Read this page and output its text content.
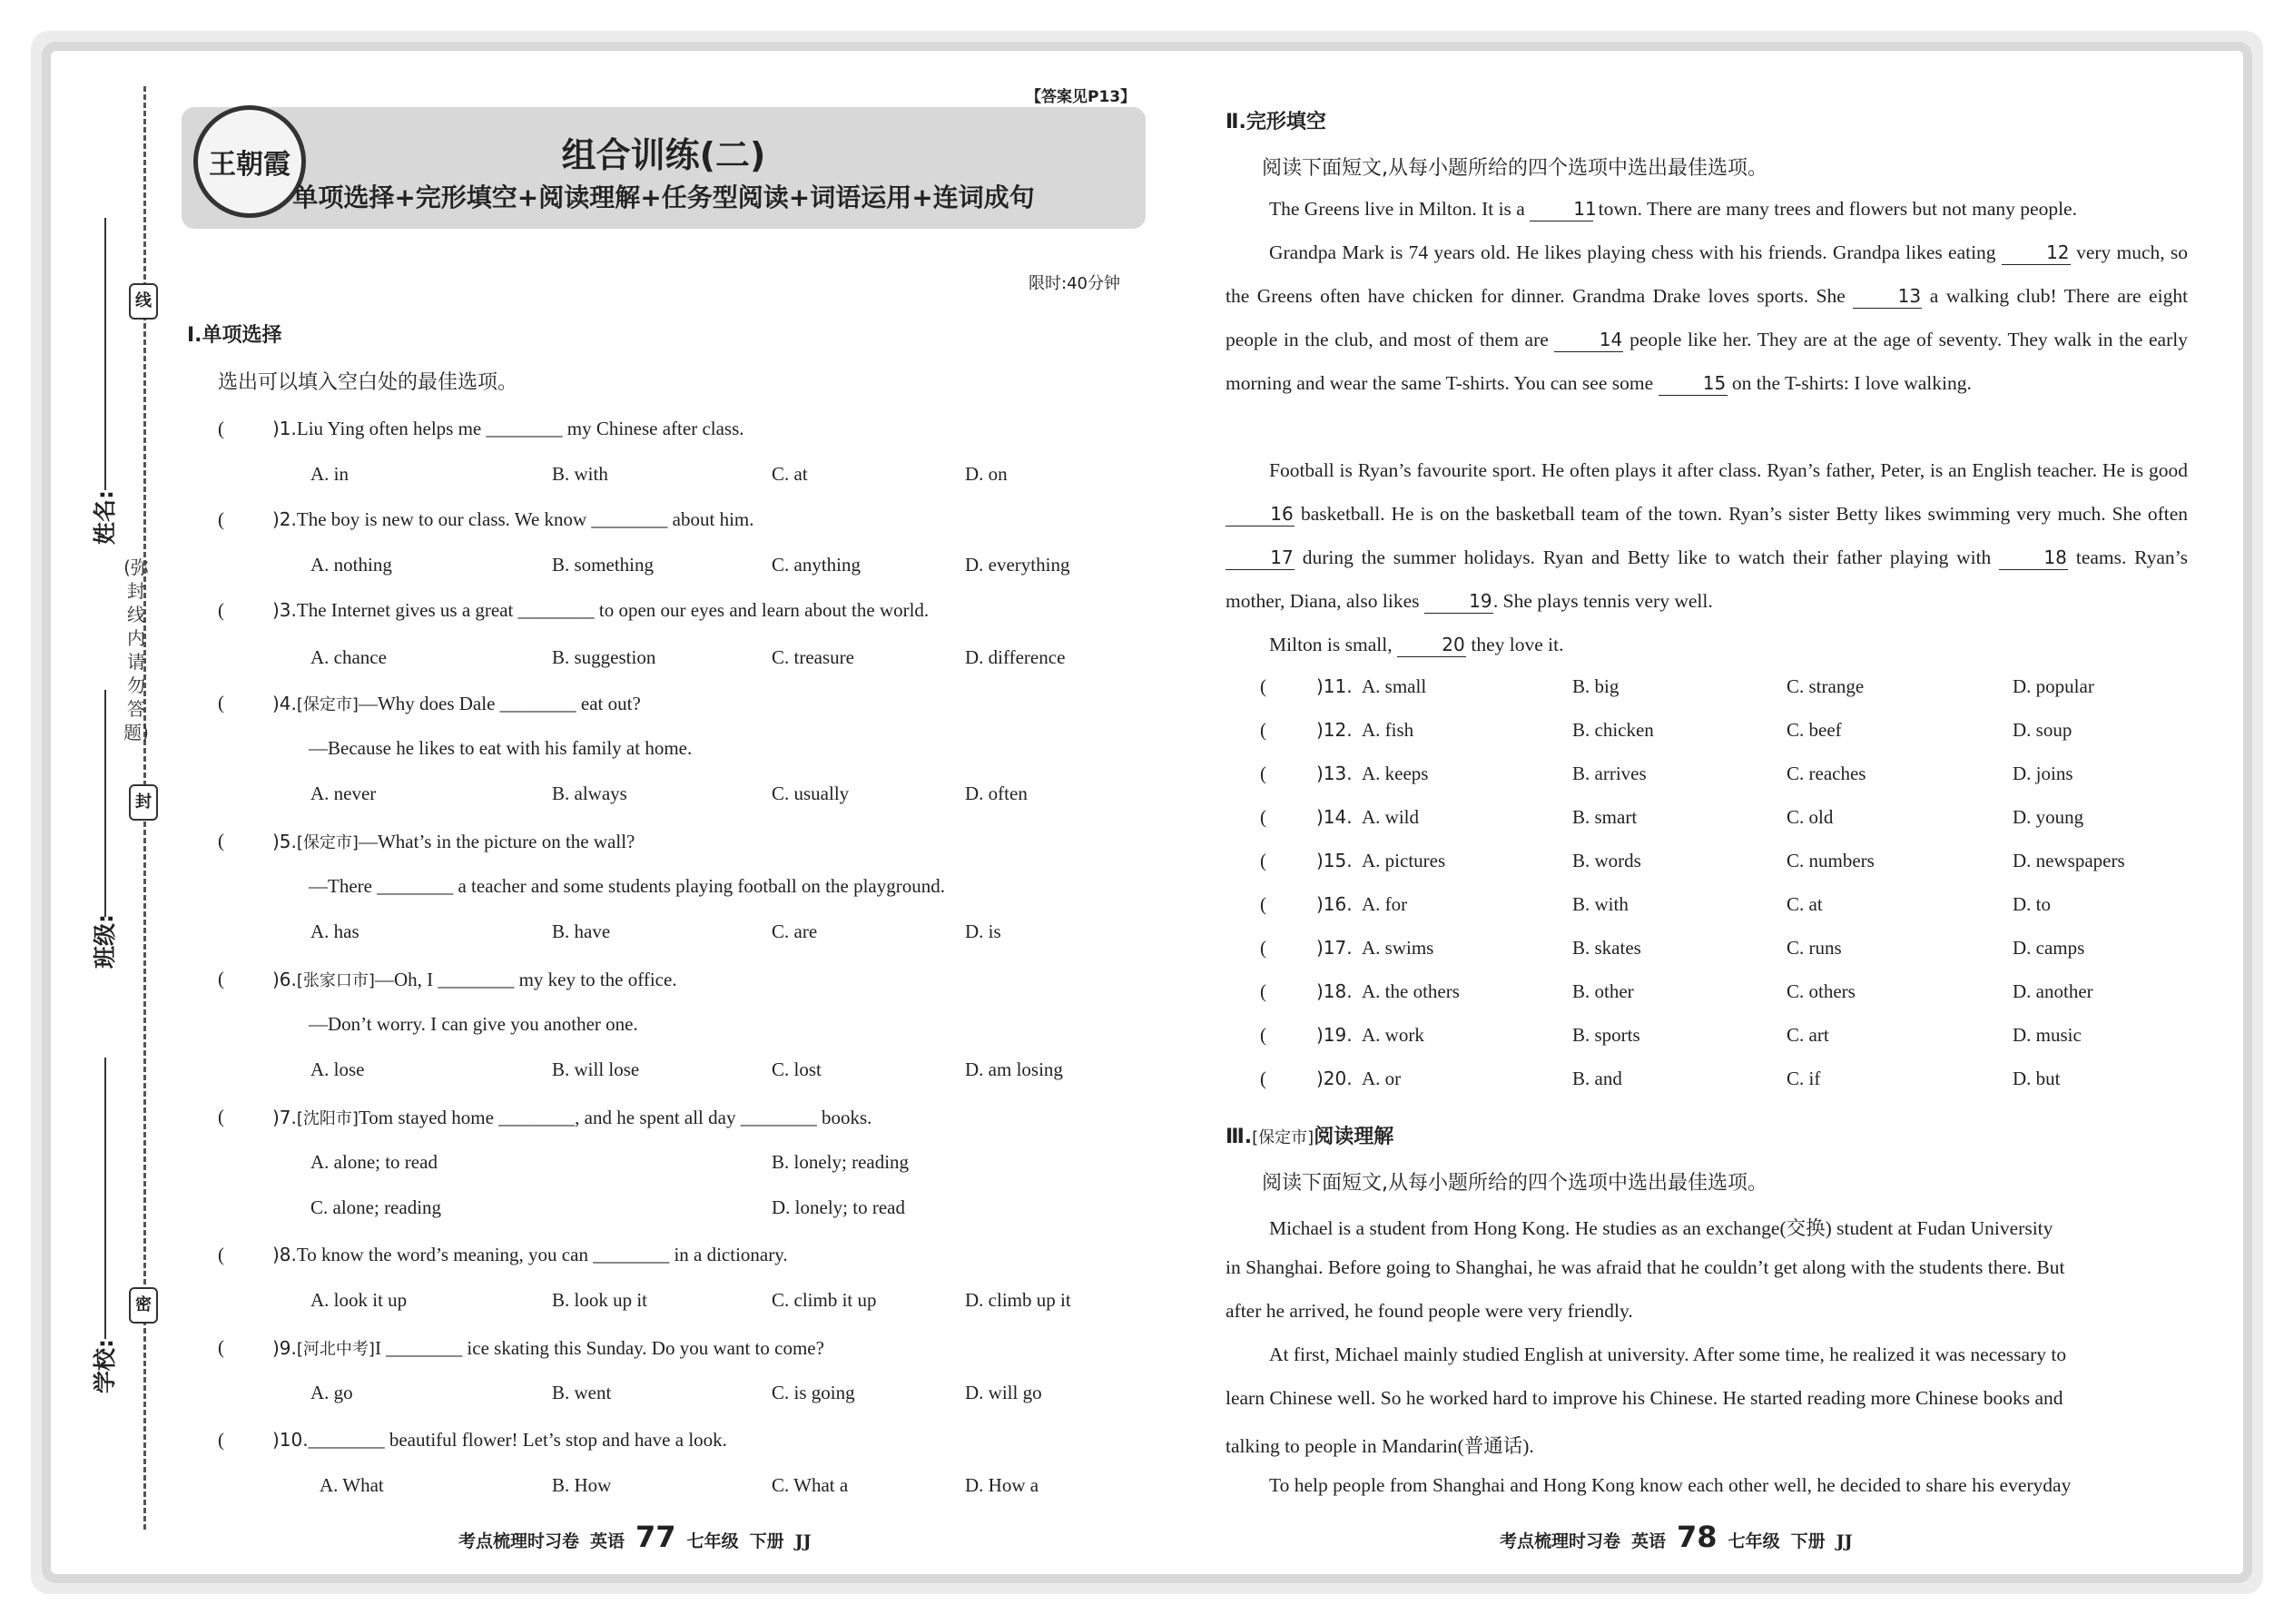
线
封
密
(弥封线内请勿答题)
姓名:
班级:
学校:
【答案见P13】
王朝霞	组合训练(二)
单项选择+完形填空+阅读理解+任务型阅读+词语运用+连词成句
限时:40分钟
Ⅰ.单项选择
选出可以填入空白处的最佳选项。
(	)1.Liu Ying often helps me ________ my Chinese after class.
A. in	B. with	C. at	D. on
(	)2.The boy is new to our class. We know ________ about him.
A. nothing	B. something	C. anything	D. everything
(	)3.The Internet gives us a great ________ to open our eyes and learn about the world.
A. chance	B. suggestion	C. treasure	D. difference
(	)4.[保定市]—Why does Dale ________ eat out?
—Because he likes to eat with his family at home.
A. never	B. always	C. usually	D. often
(	)5.[保定市]—What’s in the picture on the wall?
—There ________ a teacher and some students playing football on the playground.
A. has	B. have	C. are	D. is
(	)6.[张家口市]—Oh, I ________ my key to the office.
—Don’t worry. I can give you another one.
A. lose	B. will lose	C. lost	D. am losing
(	)7.[沈阳市]Tom stayed home ________, and he spent all day ________ books.
A. alone; to read	B. lonely; reading
C. alone; reading	D. lonely; to read
(	)8.To know the word’s meaning, you can ________ in a dictionary.
A. look it up	B. look up it	C. climb it up	D. climb up it
(	)9.[河北中考]I ________ ice skating this Sunday. Do you want to come?
A. go	B. went	C. is going	D. will go
(	)10.________ beautiful flower! Let’s stop and have a look.
A. What	B. How	C. What a	D. How a
Ⅱ.完形填空
阅读下面短文,从每小题所给的四个选项中选出最佳选项。
The Greens live in Milton. It is a	11 town. There are many trees and flowers but not many people.
Grandpa Mark is 74 years old. He likes playing chess with his friends. Grandpa likes eating	12 very much, so the Greens often have chicken for dinner. Grandma Drake loves sports. She	13 a walking club! There are eight people in the club, and most of them are	14 people like her. They are at the age of seventy. They walk in the early morning and wear the same T-shirts. You can see some	15 on the T-shirts: I love walking.
Football is Ryan’s favourite sport. He often plays it after class. Ryan’s father, Peter, is an English teacher. He is good 16 basketball. He is on the basketball team of the town. Ryan’s sister Betty likes swimming very much. She often 17 during the summer holidays. Ryan and Betty like to watch their father playing with	18 teams. Ryan’s mother, Diana, also likes	19. She plays tennis very well.
Milton is small,	20 they love it.
(	)11. A. small	B. big	C. strange	D. popular
(	)12. A. fish	B. chicken	C. beef	D. soup
(	)13. A. keeps	B. arrives	C. reaches	D. joins
(	)14. A. wild	B. smart	C. old	D. young
(	)15. A. pictures	B. words	C. numbers	D. newspapers
(	)16. A. for	B. with	C. at	D. to
(	)17. A. swims	B. skates	C. runs	D. camps
(	)18. A. the others	B. other	C. others	D. another
(	)19. A. work	B. sports	C. art	D. music
(	)20. A. or	B. and	C. if	D. but
Ⅲ.[保定市]阅读理解
阅读下面短文,从每小题所给的四个选项中选出最佳选项。
Michael is a student from Hong Kong. He studies as an exchange(交换) student at Fudan University
in Shanghai. Before going to Shanghai, he was afraid that he couldn’t get along with the students there. But
after he arrived, he found people were very friendly.
At first, Michael mainly studied English at university. After some time, he realized it was necessary to
learn Chinese well. So he worked hard to improve his Chinese. He started reading more Chinese books and
talking to people in Mandarin(普通话).
To help people from Shanghai and Hong Kong know each other well, he decided to share his everyday
考点梳理时习卷 英语 77 七年级 下册 JJ	考点梳理时习卷 英语 78 七年级 下册 JJ
